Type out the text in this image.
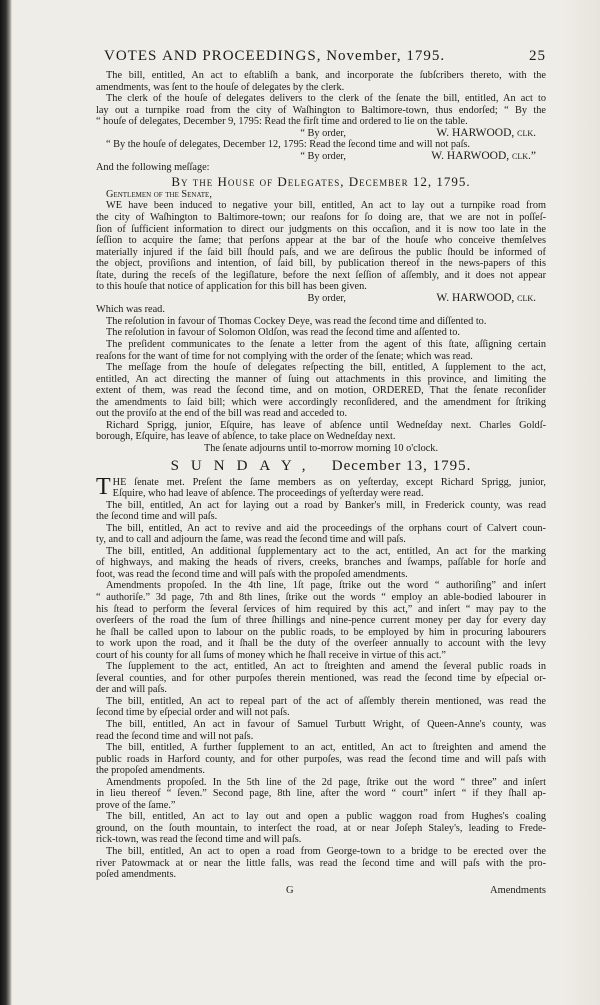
VOTES AND PROCEEDINGS, November, 1795.	25
The bill, entitled, An act to eſtabliſh a bank, and incorporate the ſubſcribers thereto, with the
amendments, was ſent to the houſe of delegates by the clerk.
The clerk of the houſe of delegates delivers to the clerk of the ſenate the bill, entitled, An act to
lay out a turnpike road from the city of Waſhington to Baltimore-town, thus endorſed; “ By the
“ houſe of delegates, December 9, 1795: Read the firſt time and ordered to lie on the table.
“ By order,	W. HARWOOD, clk.
“ By the houſe of delegates, December 12, 1795: Read the ſecond time and will not paſs.
“ By order,	W. HARWOOD, clk.”
And the following meſſage:
By the House of Delegates, December 12, 1795.
Gentlemen of the Senate,
WE have been induced to negative your bill, entitled, An act to lay out a turnpike road from
the city of Waſhington to Baltimore-town; our reaſons for ſo doing are, that we are not in poſſeſ-
ſion of ſufficient information to direct our judgments on this occaſion, and it is now too late in the
ſeſſion to acquire the ſame; that perſons appear at the bar of the houſe who conceive themſelves
materially injured if the ſaid bill ſhould paſs, and we are deſirous the public ſhould be informed of
the object, proviſions and intention, of ſaid bill, by publication thereof in the news-papers of this
ſtate, during the receſs of the legiſlature, before the next ſeſſion of aſſembly, and it does not appear
to this houſe that notice of application for this bill has been given.
By order,	W. HARWOOD, clk.
Which was read.
The reſolution in favour of Thomas Cockey Deye, was read the ſecond time and diſſented to.
The reſolution in favour of Solomon Oldſon, was read the ſecond time and aſſented to.
The preſident communicates to the ſenate a letter from the agent of this ſtate, aſſigning certain
reaſons for the want of time for not complying with the order of the ſenate; which was read.
The meſſage from the houſe of delegates reſpecting the bill, entitled, A ſupplement to the act,
entitled, An act directing the manner of ſuing out attachments in this province, and limiting the
extent of them, was read the ſecond time, and on motion, ORDERED, That the ſenate reconſider
the amendments to ſaid bill; which were accordingly reconſidered, and the amendment for ſtriking
out the proviſo at the end of the bill was read and acceded to.
Richard Sprigg, junior, Eſquire, has leave of abſence until Wedneſday next. Charles Goldſ-
borough, Eſquire, has leave of abſence, to take place on Wedneſday next.
The ſenate adjourns until to-morrow morning 10 o'clock.
SUNDAY, December 13, 1795.
T HE ſenate met. Preſent the ſame members as on yeſterday, except Richard Sprigg, junior,
Eſquire, who had leave of abſence. The proceedings of yeſterday were read.
The bill, entitled, An act for laying out a road by Banker's mill, in Frederick county, was read
the ſecond time and will paſs.
The bill, entitled, An act to revive and aid the proceedings of the orphans court of Calvert coun-
ty, and to call and adjourn the ſame, was read the ſecond time and will paſs.
The bill, entitled, An additional ſupplementary act to the act, entitled, An act for the marking
of highways, and making the heads of rivers, creeks, branches and ſwamps, paſſable for horſe and
foot, was read the ſecond time and will paſs with the propoſed amendments.
Amendments propoſed. In the 4th line, 1ſt page, ſtrike out the word “ authoriſing” and inſert
“ authoriſe.” 3d page, 7th and 8th lines, ſtrike out the words “ employ an able-bodied labourer in
his ſtead to perform the ſeveral ſervices of him required by this act,” and inſert “ may pay to the
overſeers of the road the ſum of three ſhillings and nine-pence current money per day for every day
he ſhall be called upon to labour on the public roads, to be employed by him in procuring labourers
to work upon the road, and it ſhall be the duty of the overſeer annually to account with the levy
court of his county for all ſums of money which he ſhall receive in virtue of this act.”
The ſupplement to the act, entitled, An act to ſtreighten and amend the ſeveral public roads in
ſeveral counties, and for other purpoſes therein mentioned, was read the ſecond time by eſpecial or-
der and will paſs.
The bill, entitled, An act to repeal part of the act of aſſembly therein mentioned, was read the
ſecond time by eſpecial order and will not paſs.
The bill, entitled, An act in favour of Samuel Turbutt Wright, of Queen-Anne's county, was
read the ſecond time and will not paſs.
The bill, entitled, A further ſupplement to an act, entitled, An act to ſtreighten and amend the
public roads in Harford county, and for other purpoſes, was read the ſecond time and will paſs with
the propoſed amendments.
Amendments propoſed. In the 5th line of the 2d page, ſtrike out the word “ three” and inſert
in lieu thereof “ ſeven.” Second page, 8th line, after the word “ court” inſert “ if they ſhall ap-
prove of the ſame.”
The bill, entitled, An act to lay out and open a public waggon road from Hughes's coaling
ground, on the ſouth mountain, to interſect the road, at or near Joſeph Staley's, leading to Frede-
rick-town, was read the ſecond time and will paſs.
The bill, entitled, An act to open a road from George-town to a bridge to be erected over the
river Patowmack at or near the little falls, was read the ſecond time and will paſs with the pro-
poſed amendments.
G	Amendments
